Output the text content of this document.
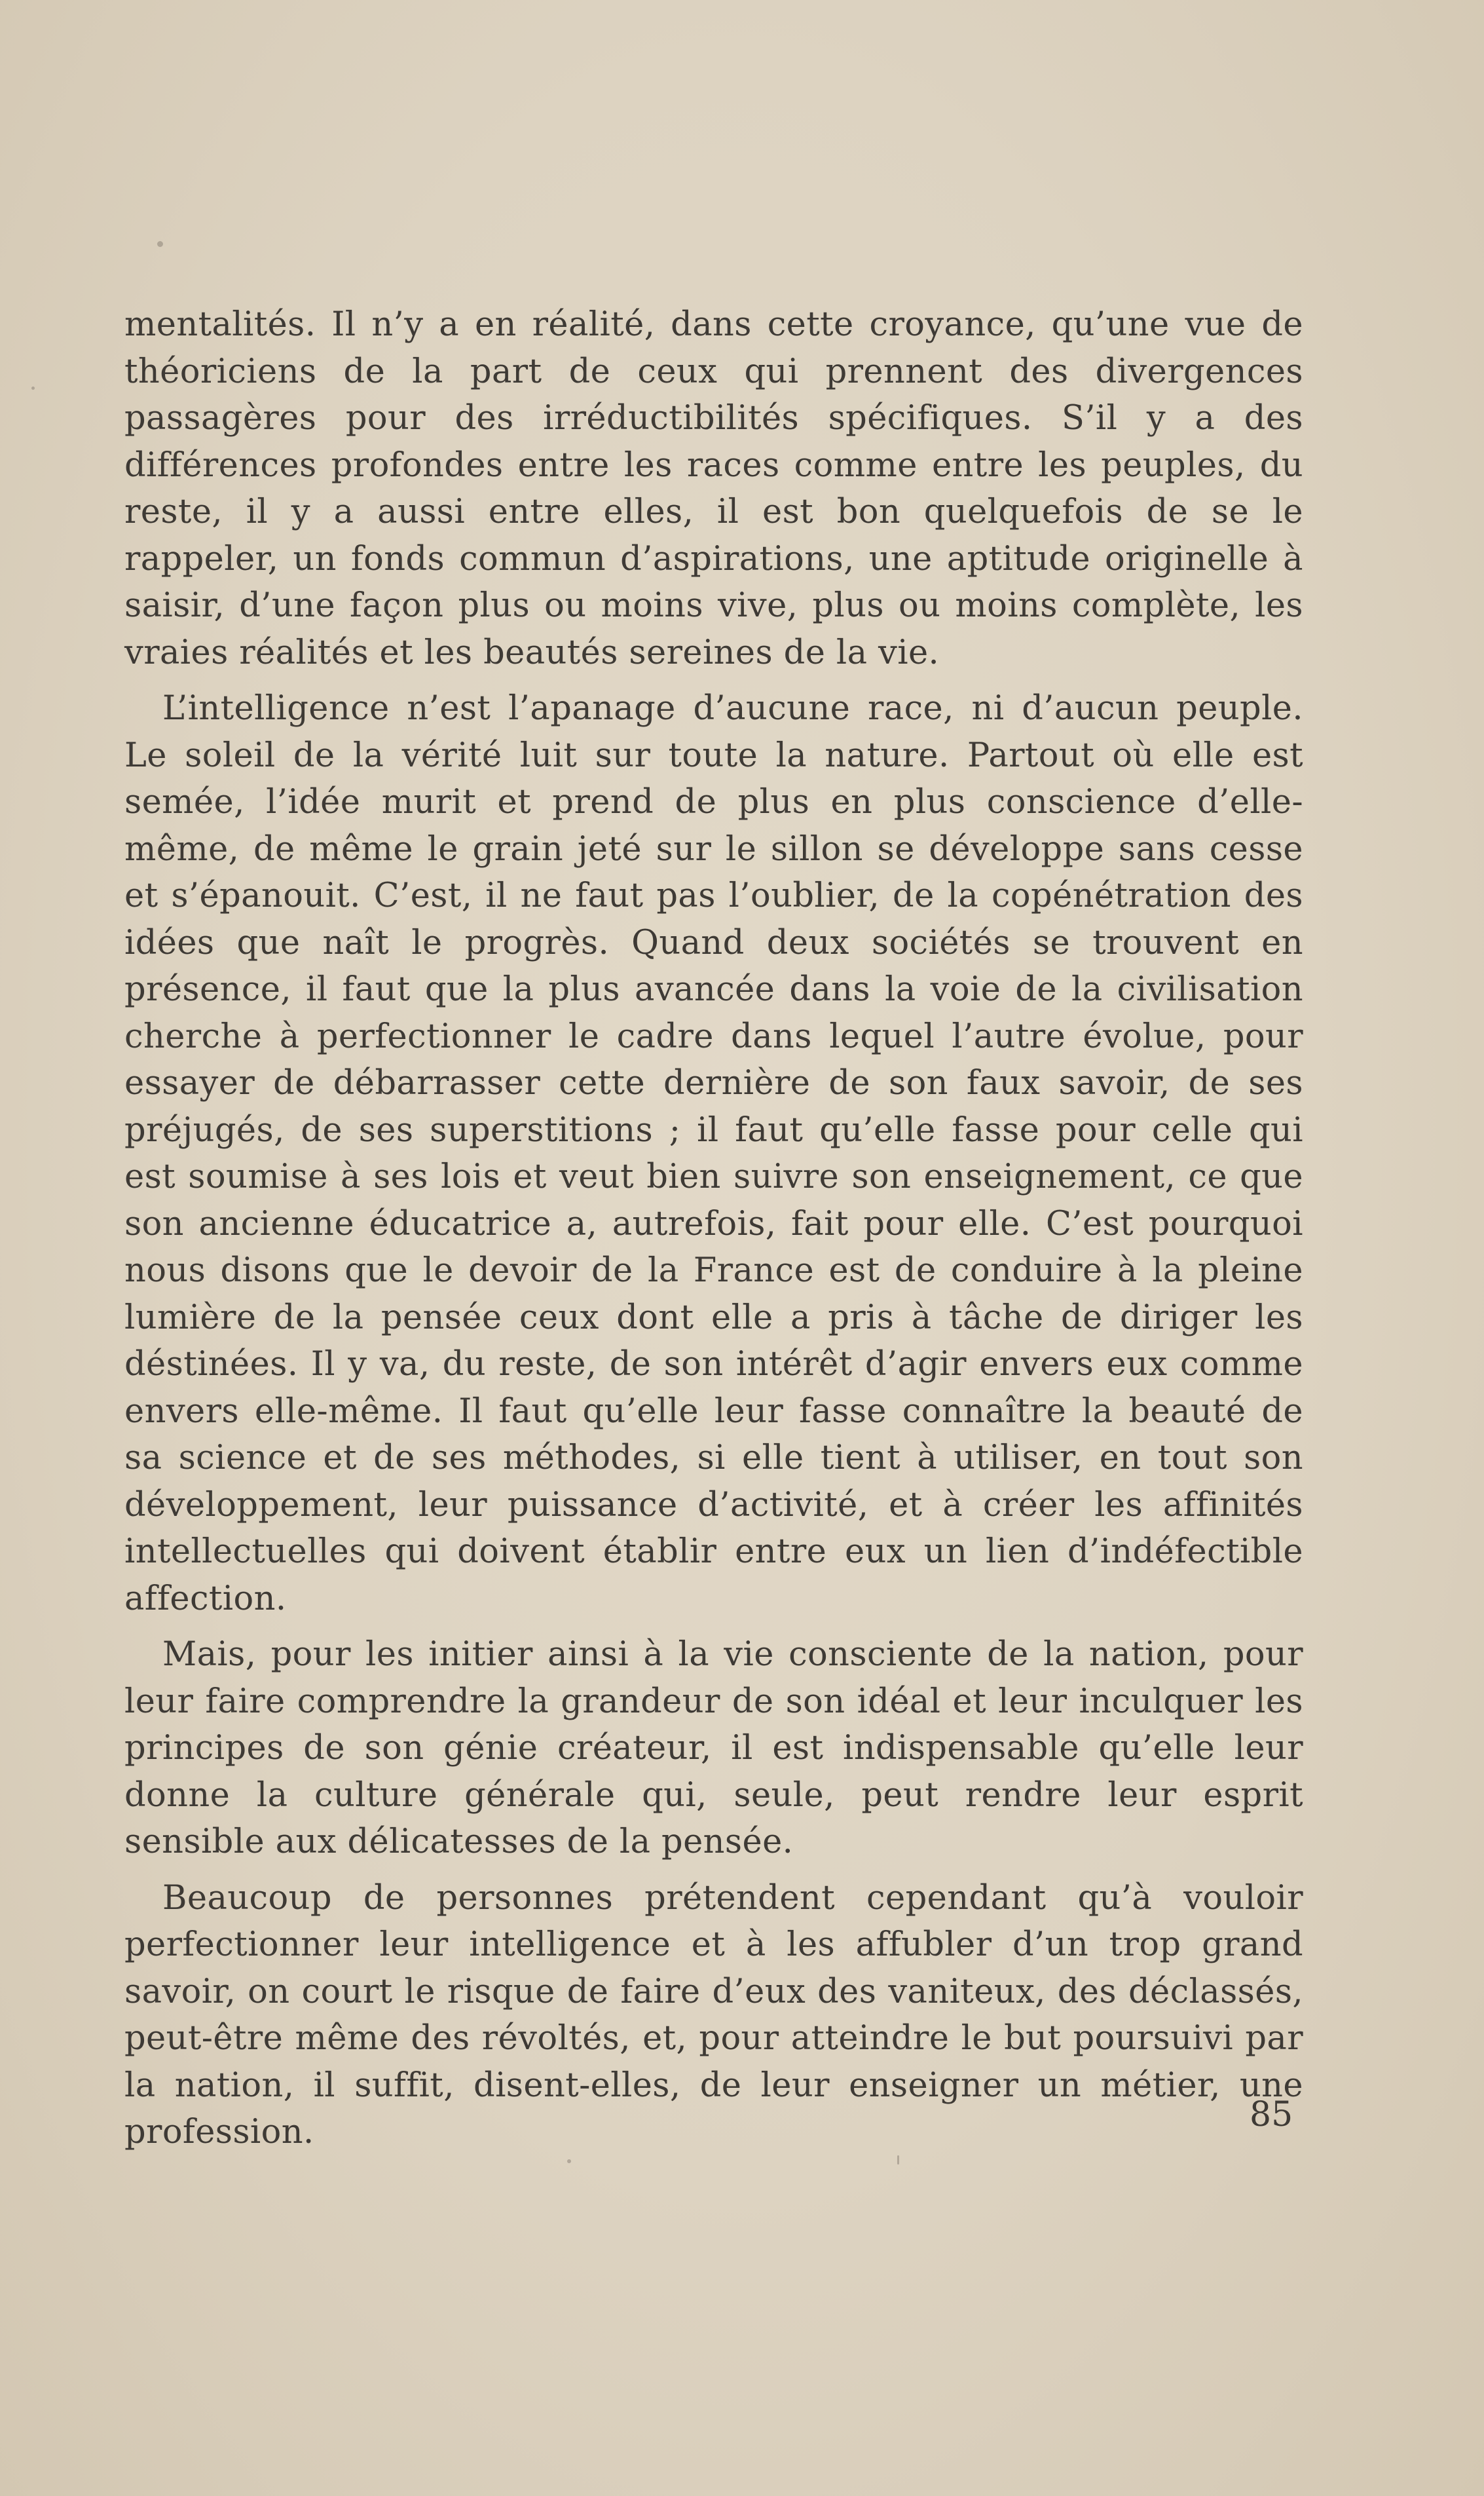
mentalités. Il n’y a en réalité, dans cette croyance, qu’une vue de théoriciens de la part de ceux qui prennent des divergences passagères pour des irréductibilités spécifiques. S’il y a des différences profondes entre les races comme entre les peuples, du reste, il y a aussi entre elles, il est bon quelquefois de se le rappeler, un fonds commun d’aspirations, une aptitude originelle à saisir, d’une façon plus ou moins vive, plus ou moins complète, les vraies réalités et les beautés sereines de la vie.

L’intelligence n’est l’apanage d’aucune race, ni d’aucun peuple. Le soleil de la vérité luit sur toute la nature. Partout où elle est semée, l’idée murit et prend de plus en plus conscience d’elle-même, de même le grain jeté sur le sillon se développe sans cesse et s’épanouit. C’est, il ne faut pas l’oublier, de la copénétration des idées que naît le progrès. Quand deux sociétés se trouvent en présence, il faut que la plus avancée dans la voie de la civilisation cherche à perfectionner le cadre dans lequel l’autre évolue, pour essayer de débarrasser cette dernière de son faux savoir, de ses préjugés, de ses superstitions ; il faut qu’elle fasse pour celle qui est soumise à ses lois et veut bien suivre son enseignement, ce que son ancienne éducatrice a, autrefois, fait pour elle. C’est pourquoi nous disons que le devoir de la France est de conduire à la pleine lumière de la pensée ceux dont elle a pris à tâche de diriger les déstinées. Il y va, du reste, de son intérêt d’agir envers eux comme envers elle-même. Il faut qu’elle leur fasse connaître la beauté de sa science et de ses méthodes, si elle tient à utiliser, en tout son développement, leur puissance d’activité, et à créer les affinités intellectuelles qui doivent établir entre eux un lien d’indéfectible affection.

Mais, pour les initier ainsi à la vie consciente de la nation, pour leur faire comprendre la grandeur de son idéal et leur inculquer les principes de son génie créateur, il est indispensable qu’elle leur donne la culture générale qui, seule, peut rendre leur esprit sensible aux délicatesses de la pensée.

Beaucoup de personnes prétendent cependant qu’à vouloir perfectionner leur intelligence et à les affubler d’un trop grand savoir, on court le risque de faire d’eux des vaniteux, des déclassés, peut-être même des révoltés, et, pour atteindre le but poursuivi par la nation, il suffit, disent-elles, de leur enseigner un métier, une profession.	85
